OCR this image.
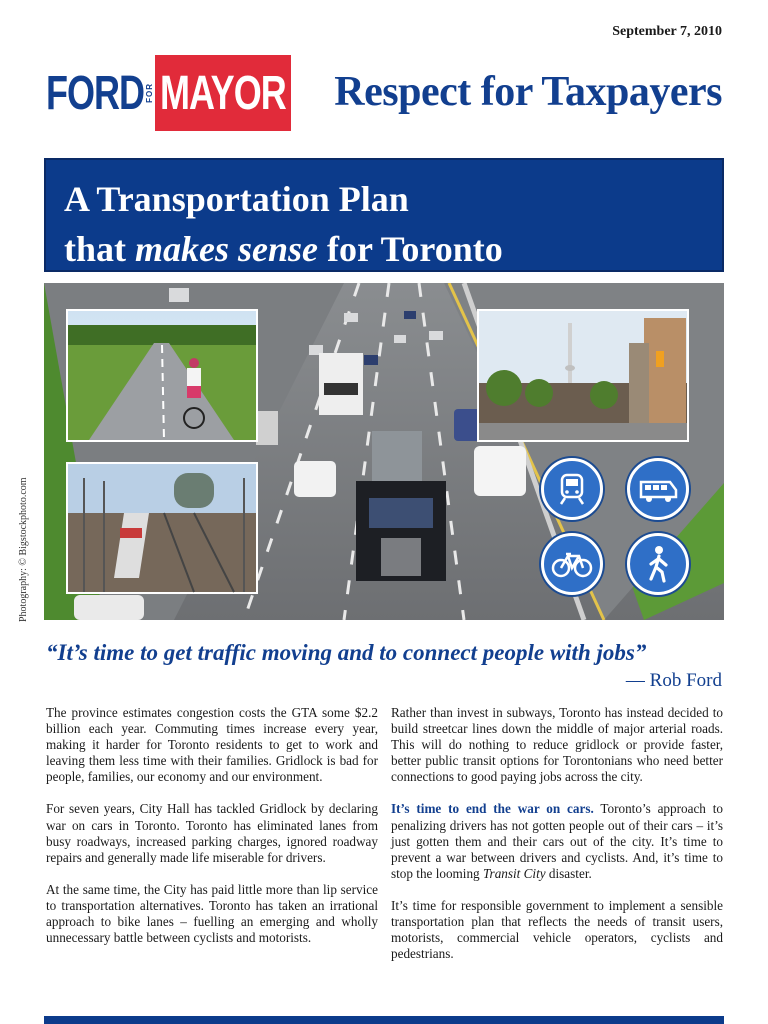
September 7, 2010
FORD FOR MAYOR Respect for Taxpayers
A Transportation Plan
that makes sense for Toronto
Photography: © Bigstockphoto.com
“It’s time to get traffic moving and to connect people with jobs”
— Rob Ford

The province estimates congestion costs the GTA some $2.2 billion each year. Commuting times increase every year, making it harder for Toronto residents to get to work and leaving them less time with their families. Gridlock is bad for people, families, our economy and our environment.

For seven years, City Hall has tackled Gridlock by declaring war on cars in Toronto. Toronto has eliminated lanes from busy roadways, increased parking charges, ignored roadway repairs and generally made life miserable for drivers.

At the same time, the City has paid little more than lip service to transportation alternatives. Toronto has taken an irrational approach to bike lanes – fuelling an emerging and wholly unnecessary battle between cyclists and motorists.

Rather than invest in subways, Toronto has instead decided to build streetcar lines down the middle of major arterial roads. This will do nothing to reduce gridlock or provide faster, better public transit options for Torontonians who need better connections to good paying jobs across the city.

It’s time to end the war on cars. Toronto’s approach to penalizing drivers has not gotten people out of their cars – it’s just gotten them and their cars out of the city. It’s time to prevent a war between drivers and cyclists. And, it’s time to stop the looming Transit City disaster.

It’s time for responsible government to implement a sensible transportation plan that reflects the needs of transit users, motorists, commercial vehicle operators, cyclists and pedestrians.
